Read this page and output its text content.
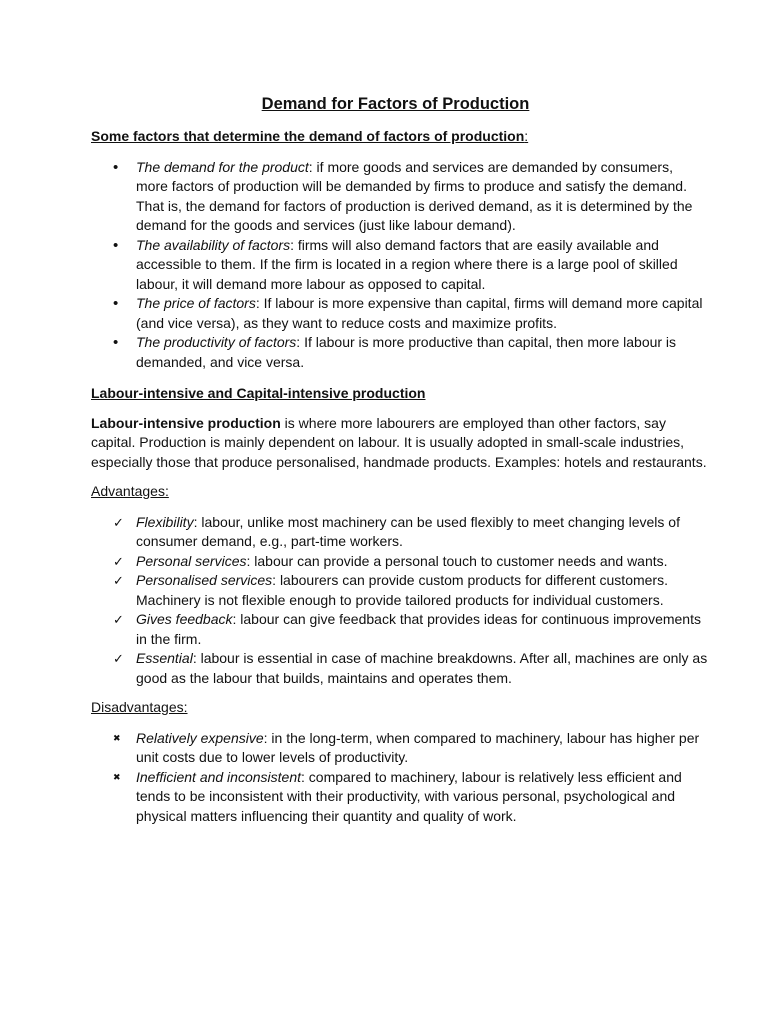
Demand for Factors of Production
Some factors that determine the demand of factors of production:
•
The demand for the product: if more goods and services are demanded by consumers, more factors of production will be demanded by firms to produce and satisfy the demand. That is, the demand for factors of production is derived demand, as it is determined by the demand for the goods and services (just like labour demand).
•
The availability of factors: firms will also demand factors that are easily available and accessible to them. If the firm is located in a region where there is a large pool of skilled labour, it will demand more labour as opposed to capital.
•
The price of factors: If labour is more expensive than capital, firms will demand more capital (and vice versa), as they want to reduce costs and maximize profits.
•
The productivity of factors: If labour is more productive than capital, then more labour is demanded, and vice versa.
Labour-intensive and Capital-intensive production

Labour-intensive production is where more labourers are employed than other factors, say capital. Production is mainly dependent on labour. It is usually adopted in small-scale industries, especially those that produce personalised, handmade products. Examples: hotels and restaurants.

Advantages:
✓
Flexibility: labour, unlike most machinery can be used flexibly to meet changing levels of consumer demand, e.g., part-time workers.
✓
Personal services: labour can provide a personal touch to customer needs and wants.
✓
Personalised services: labourers can provide custom products for different customers. Machinery is not flexible enough to provide tailored products for individual customers.
✓
Gives feedback: labour can give feedback that provides ideas for continuous improvements in the firm.
✓
Essential: labour is essential in case of machine breakdowns. After all, machines are only as good as the labour that builds, maintains and operates them.
Disadvantages:
✖
Relatively expensive: in the long-term, when compared to machinery, labour has higher per unit costs due to lower levels of productivity.
✖
Inefficient and inconsistent: compared to machinery, labour is relatively less efficient and tends to be inconsistent with their productivity, with various personal, psychological and physical matters influencing their quantity and quality of work.
